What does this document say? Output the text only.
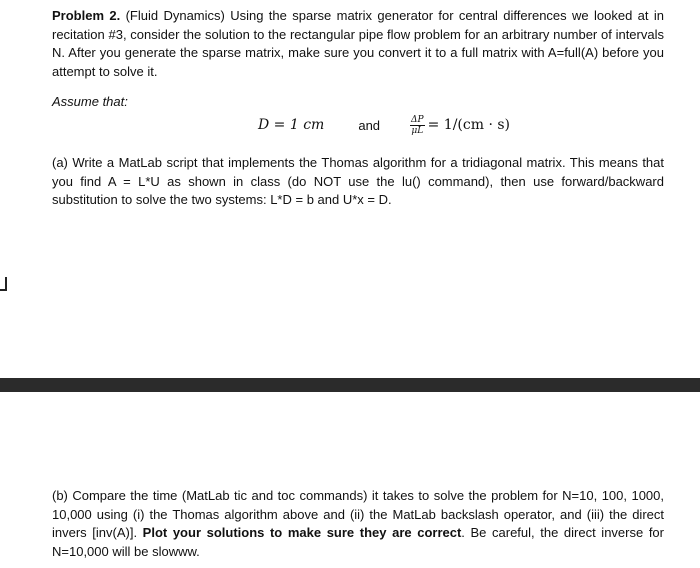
Problem 2. (Fluid Dynamics) Using the sparse matrix generator for central differences we looked at in recitation #3, consider the solution to the rectangular pipe flow problem for an arbitrary number of intervals N. After you generate the sparse matrix, make sure you convert it to a full matrix with A=full(A) before you attempt to solve it.
Assume that:
D = 1 cm	and	$\frac{\Delta P}{\mu L} = 1/(cm \cdot s)$
(a) Write a MatLab script that implements the Thomas algorithm for a tridiagonal matrix. This means that you find A = L*U as shown in class (do NOT use the lu() command), then use forward/backward substitution to solve the two systems: L*D = b and U*x = D.
(b) Compare the time (MatLab tic and toc commands) it takes to solve the problem for N=10, 100, 1000, 10,000 using (i) the Thomas algorithm above and (ii) the MatLab backslash operator, and (iii) the direct invers [inv(A)]. Plot your solutions to make sure they are correct. Be careful, the direct inverse for N=10,000 will be slowww.
